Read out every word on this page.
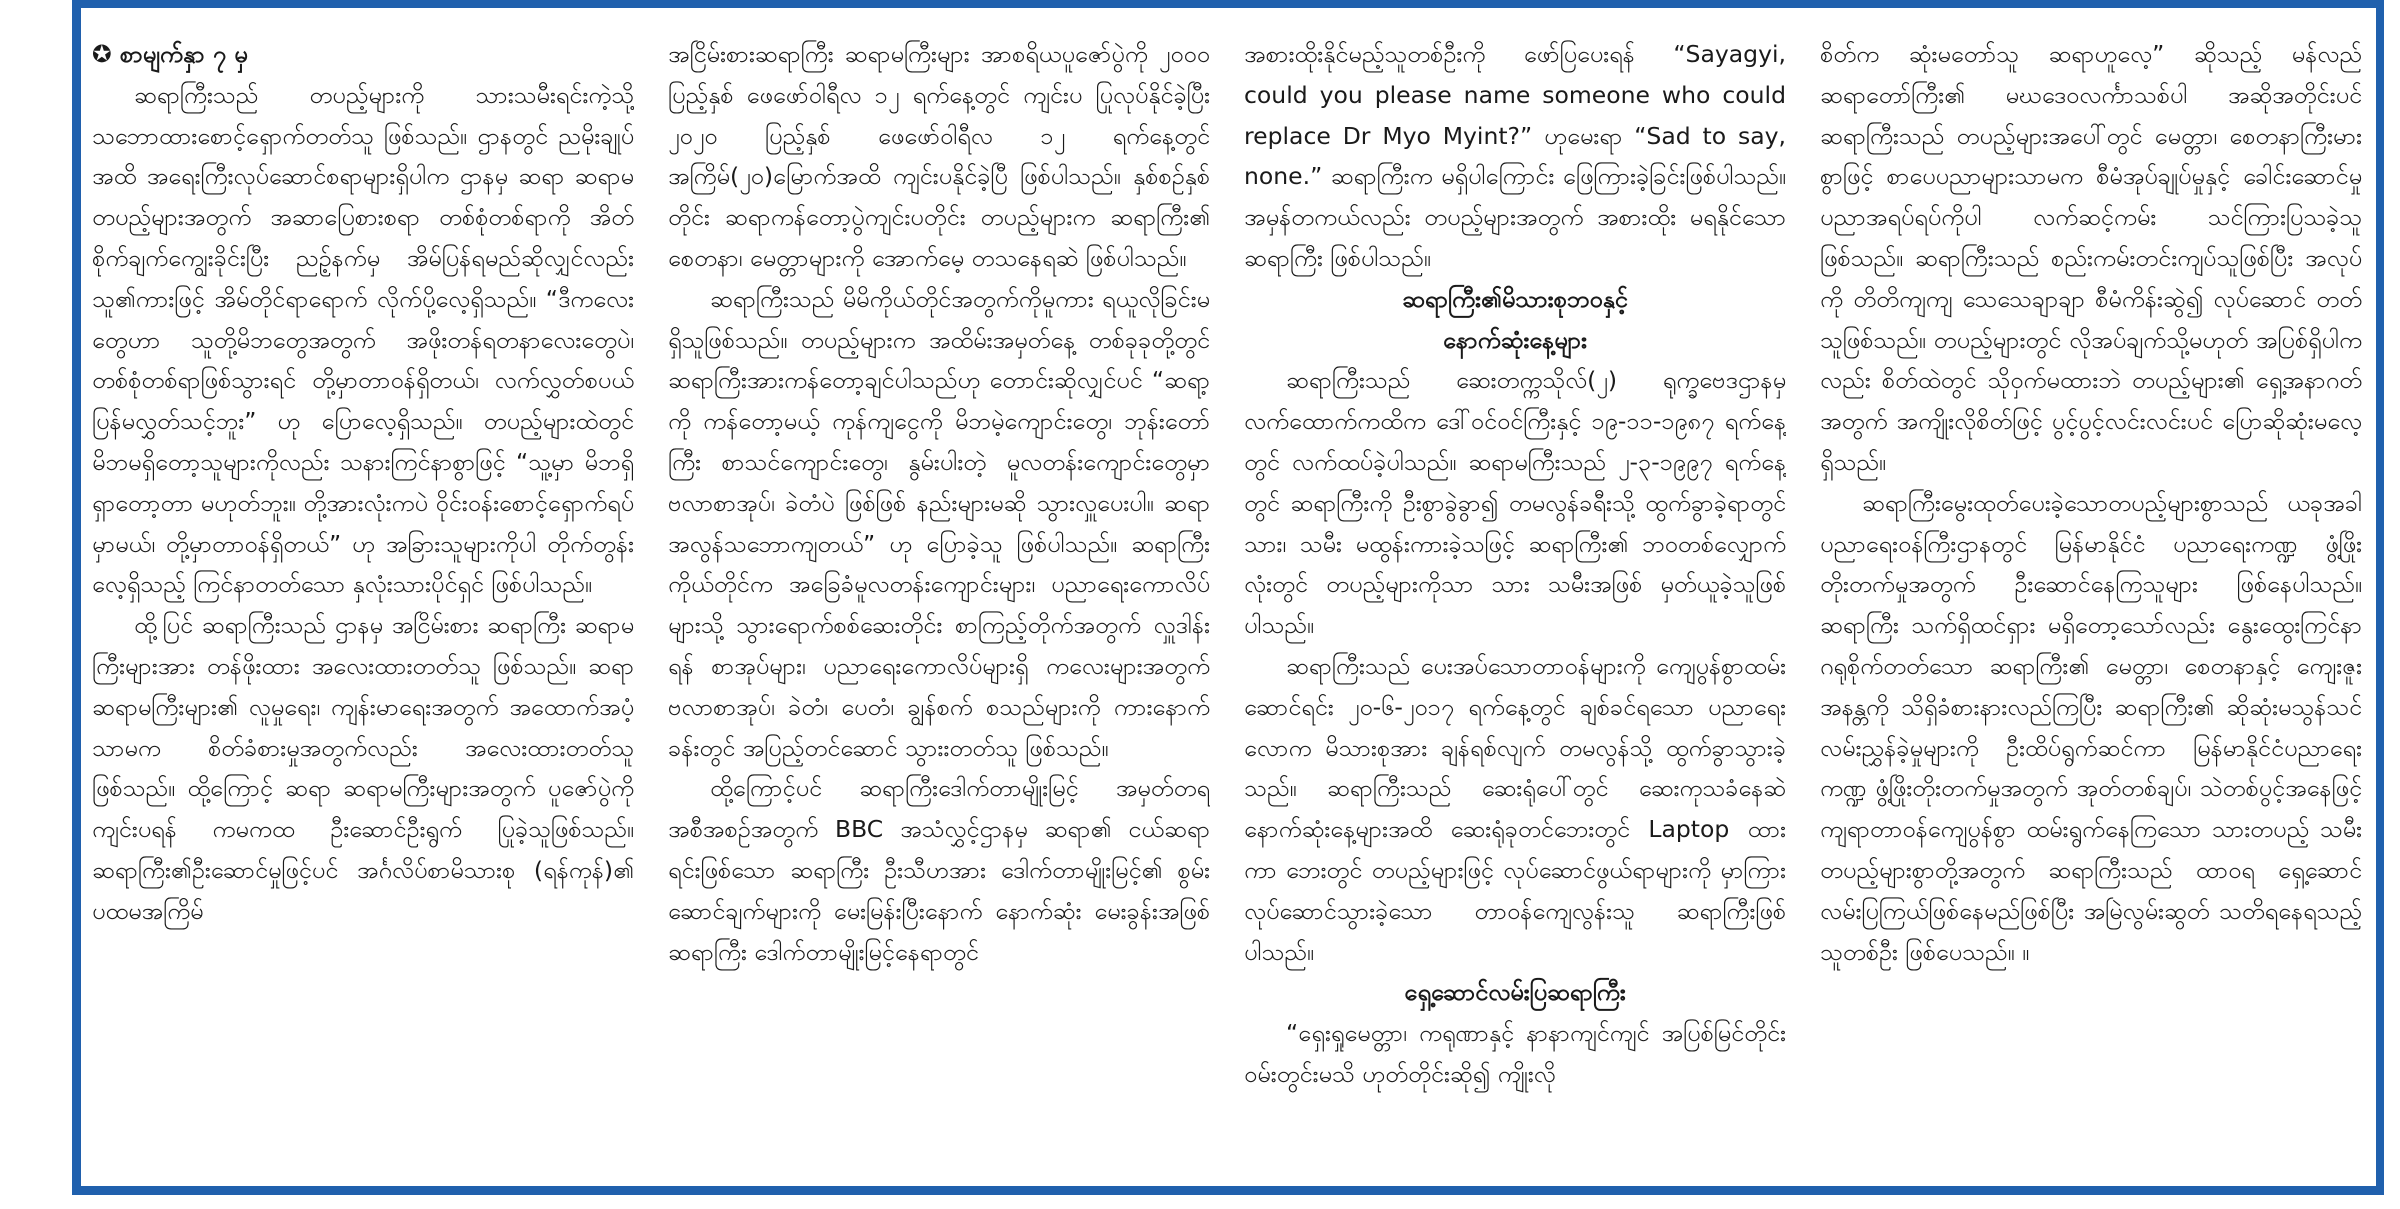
✪ စာမျက်နှာ ၇ မှ

ဆရာကြီးသည် တပည့်များကို သားသမီးရင်းကဲ့သို့ သဘောထားစောင့်ရှောက်တတ်သူ ဖြစ်သည်။ ဌာနတွင် ညမိုးချုပ်အထိ အရေးကြီးလုပ်ဆောင်စရာများရှိပါက ဌာနမှ ဆရာ ဆရာမ တပည့်များအတွက် အဆာပြေစားစရာ တစ်စုံတစ်ရာကို အိတ်စိုက်ချက်ကျွေးခိုင်းပြီး ညဉ့်နက်မှ အိမ်ပြန်ရမည်ဆိုလျှင်လည်း သူ၏ကားဖြင့် အိမ်တိုင်ရာရောက် လိုက်ပို့လေ့ရှိသည်။ “ဒီကလေးတွေဟာ သူတို့မိဘတွေအတွက် အဖိုးတန်ရတနာလေးတွေပဲ၊ တစ်စုံတစ်ရာဖြစ်သွားရင် တို့မှာတာဝန်ရှိတယ်၊ လက်လွှတ်စပယ် ပြန်မလွှတ်သင့်ဘူး” ဟု ပြောလေ့ရှိသည်။ တပည့်များထဲတွင် မိဘမရှိတော့သူများကိုလည်း သနားကြင်နာစွာဖြင့် “သူ့မှာ မိဘရှိရှာတော့တာ မဟုတ်ဘူး။ တို့အားလုံးကပဲ ဝိုင်းဝန်းစောင့်ရှောက်ရပ်မှာမယ်၊ တို့မှာတာဝန်ရှိတယ်” ဟု အခြားသူများကိုပါ တိုက်တွန်းလေ့ရှိသည့် ကြင်နာတတ်သော နှလုံးသားပိုင်ရှင် ဖြစ်ပါသည်။

ထို့ပြင် ဆရာကြီးသည် ဌာနမှ အငြိမ်းစား ဆရာကြီး ဆရာမကြီးများအား တန်ဖိုးထား အလေးထားတတ်သူ ဖြစ်သည်။ ဆရာ ဆရာမကြီးများ၏ လူမှုရေး၊ ကျန်းမာရေးအတွက် အထောက်အပံ့သာမက စိတ်ခံစားမှုအတွက်လည်း အလေးထားတတ်သူဖြစ်သည်။ ထို့ကြောင့် ဆရာ ဆရာမကြီးများအတွက် ပူဇော်ပွဲကို ကျင်းပရန် ကမကထ ဦးဆောင်ဦးရွက် ပြုခဲ့သူဖြစ်သည်။ ဆရာကြီး၏ဦးဆောင်မှုဖြင့်ပင် အင်္ဂလိပ်စာမိသားစု (ရန်ကုန်)၏ ပထမအကြိမ်

အငြိမ်းစားဆရာကြီး ဆရာမကြီးများ အာစရိယပူဇော်ပွဲကို ၂၀၀၀ ပြည့်နှစ် ဖေဖော်ဝါရီလ ၁၂ ရက်နေ့တွင် ကျင်းပ ပြုလုပ်နိုင်ခဲ့ပြီး ၂၀၂၀ ပြည့်နှစ် ဖေဖော်ဝါရီလ ၁၂ ရက်နေ့တွင် အကြိမ်(၂၀)မြောက်အထိ ကျင်းပနိုင်ခဲ့ပြီ ဖြစ်ပါသည်။ နှစ်စဉ်နှစ်တိုင်း ဆရာကန်တော့ပွဲကျင်းပတိုင်း တပည့်များက ဆရာကြီး၏ စေတနာ၊ မေတ္တာများကို အောက်မေ့ တသနေရဆဲ ဖြစ်ပါသည်။

ဆရာကြီးသည် မိမိကိုယ်တိုင်အတွက်ကိုမူကား ရယူလိုခြင်းမရှိသူဖြစ်သည်။ တပည့်များက အထိမ်းအမှတ်နေ့ တစ်ခုခုတို့တွင် ဆရာကြီးအားကန်တော့ချင်ပါသည်ဟု တောင်းဆိုလျှင်ပင် “ဆရာ့ကို ကန်တော့မယ့် ကုန်ကျငွေကို မိဘမဲ့ကျောင်းတွေ၊ ဘုန်းတော်ကြီး စာသင်ကျောင်းတွေ၊ နွမ်းပါးတဲ့ မူလတန်းကျောင်းတွေမှာ ဗလာစာအုပ်၊ ခဲတံပဲ ဖြစ်ဖြစ် နည်းများမဆို သွားလှူပေးပါ။ ဆရာ အလွန်သဘောကျတယ်” ဟု ပြောခဲ့သူ ဖြစ်ပါသည်။ ဆရာကြီး ကိုယ်တိုင်က အခြေခံမူလတန်းကျောင်းများ၊ ပညာရေးကောလိပ်များသို့ သွားရောက်စစ်ဆေးတိုင်း စာကြည့်တိုက်အတွက် လှူဒါန်းရန် စာအုပ်များ၊ ပညာရေးကောလိပ်များရှိ ကလေးများအတွက် ဗလာစာအုပ်၊ ခဲတံ၊ ပေတံ၊ ချွန်စက် စသည်များကို ကားနောက်ခန်းတွင် အပြည့်တင်ဆောင် သွားးတတ်သူ ဖြစ်သည်။

ထို့ကြောင့်ပင် ဆရာကြီးဒေါက်တာမျိုးမြင့် အမှတ်တရ အစီအစဉ်အတွက် BBC အသံလွှင့်ဌာနမှ ဆရာ၏ ငယ်ဆရာ ရင်းဖြစ်သော ဆရာကြီး ဦးသီဟအား ဒေါက်တာမျိုးမြင့်၏ စွမ်းဆောင်ချက်များကို မေးမြန်းပြီးနောက် နောက်ဆုံး မေးခွန်းအဖြစ် ဆရာကြီး ဒေါက်တာမျိုးမြင့်နေရာတွင်

အစားထိုးနိုင်မည့်သူတစ်ဦးကို ဖော်ပြပေးရန် “Sayagyi, could you please name someone who could replace Dr Myo Myint?” ဟုမေးရာ “Sad to say, none.” ဆရာကြီးက မရှိပါကြောင်း ဖြေကြားခဲ့ခြင်းဖြစ်ပါသည်။ အမှန်တကယ်လည်း တပည့်များအတွက် အစားထိုး မရနိုင်သော ဆရာကြီး ဖြစ်ပါသည်။

ဆရာကြီး၏မိသားစုဘဝနှင့်
နောက်ဆုံးနေ့များ

ဆရာကြီးသည် ဆေးတက္ကသိုလ်(၂) ရုက္ခဗေဒဌာနမှ လက်ထောက်ကထိက ဒေါ်ဝင်ဝင်ကြီးနှင့် ၁၉-၁၁-၁၉၈၇ ရက်နေ့တွင် လက်ထပ်ခဲ့ပါသည်။ ဆရာမကြီးသည် ၂-၃-၁၉၉၇ ရက်နေ့တွင် ဆရာကြီးကို ဦးစွာခွဲခွာ၍ တမလွန်ခရီးသို့ ထွက်ခွာခဲ့ရာတွင် သား၊ သမီး မထွန်းကားခဲ့သဖြင့် ဆရာကြီး၏ ဘဝတစ်လျှောက်လုံးတွင် တပည့်များကိုသာ သား သမီးအဖြစ် မှတ်ယူခဲ့သူဖြစ်ပါသည်။

ဆရာကြီးသည် ပေးအပ်သောတာဝန်များကို ကျေပွန်စွာထမ်းဆောင်ရင်း ၂၀-၆-၂၀၁၇ ရက်နေ့တွင် ချစ်ခင်ရသော ပညာရေးလောက မိသားစုအား ချန်ရစ်လျက် တမလွန်သို့ ထွက်ခွာသွားခဲ့သည်။ ဆရာကြီးသည် ဆေးရုံပေါ်တွင် ဆေးကုသခံနေဆဲ နောက်ဆုံးနေ့များအထိ ဆေးရုံခုတင်ဘေးတွင် Laptop ထားကာ ဘေးတွင် တပည့်များဖြင့် လုပ်ဆောင်ဖွယ်ရာများကို မှာကြားလုပ်ဆောင်သွားခဲ့သော တာဝန်ကျေလွန်းသူ ဆရာကြီးဖြစ်ပါသည်။

ရှေ့ဆောင်လမ်းပြဆရာကြီး

“ရှေးရှုမေတ္တာ၊ ကရုဏာနှင့် နာနာကျင်ကျင် အပြစ်မြင်တိုင်း ဝမ်းတွင်းမသိ ဟုတ်တိုင်းဆို၍ ကျိုးလို

စိတ်က ဆုံးမတော်သူ ဆရာဟူလေ့” ဆိုသည့် မန်လည် ဆရာတော်ကြီး၏ မဃဒေဝလင်္ကာသစ်ပါ အဆိုအတိုင်းပင် ဆရာကြီးသည် တပည့်များအပေါ်တွင် မေတ္တာ၊ စေတနာကြီးမားစွာဖြင့် စာပေပညာများသာမက စီမံအုပ်ချုပ်မှုနှင့် ခေါင်းဆောင်မှု ပညာအရပ်ရပ်ကိုပါ လက်ဆင့်ကမ်း သင်ကြားပြသခဲ့သူ ဖြစ်သည်။ ဆရာကြီးသည် စည်းကမ်းတင်းကျပ်သူဖြစ်ပြီး အလုပ်ကို တိတိကျကျ သေသေချာချာ စီမံကိန်းဆွဲ၍ လုပ်ဆောင် တတ်သူဖြစ်သည်။ တပည့်များတွင် လိုအပ်ချက်သို့မဟုတ် အပြစ်ရှိပါကလည်း စိတ်ထဲတွင် သိုဝှက်မထားဘဲ တပည့်များ၏ ရှေ့အနာဂတ်အတွက် အကျိုးလိုစိတ်ဖြင့် ပွင့်ပွင့်လင်းလင်းပင် ပြောဆိုဆုံးမလေ့ရှိသည်။

ဆရာကြီးမွေးထုတ်ပေးခဲ့သောတပည့်များစွာသည် ယခုအခါ ပညာရေးဝန်ကြီးဌာနတွင် မြန်မာနိုင်ငံ ပညာရေးကဏ္ဍ ဖွံ့ဖြိုးတိုးတက်မှုအတွက် ဦးဆောင်နေကြသူများ ဖြစ်နေပါသည်။ ဆရာကြီး သက်ရှိထင်ရှား မရှိတော့သော်လည်း နွေးထွေးကြင်နာ ဂရုစိုက်တတ်သော ဆရာကြီး၏ မေတ္တာ၊ စေတနာနှင့် ကျေးဇူးအနန္တကို သိရှိခံစားနားလည်ကြပြီး ဆရာကြီး၏ ဆိုဆုံးမသွန်သင်လမ်းညွှန်ခဲ့မှုများကို ဦးထိပ်ရွက်ဆင်ကာ မြန်မာနိုင်ငံပညာရေးကဏ္ဍ ဖွံ့ဖြိုးတိုးတက်မှုအတွက် အုတ်တစ်ချပ်၊ သဲတစ်ပွင့်အနေဖြင့် ကျရာတာဝန်ကျေပွန်စွာ ထမ်းရွက်နေကြသော သားတပည့် သမီးတပည့်များစွာတို့အတွက် ဆရာကြီးသည် ထာဝရ ရှေ့ဆောင် လမ်းပြကြယ်ဖြစ်နေမည်ဖြစ်ပြီး အမြဲလွမ်းဆွတ် သတိရနေရသည့် သူတစ်ဦး ဖြစ်ပေသည်။ ။
